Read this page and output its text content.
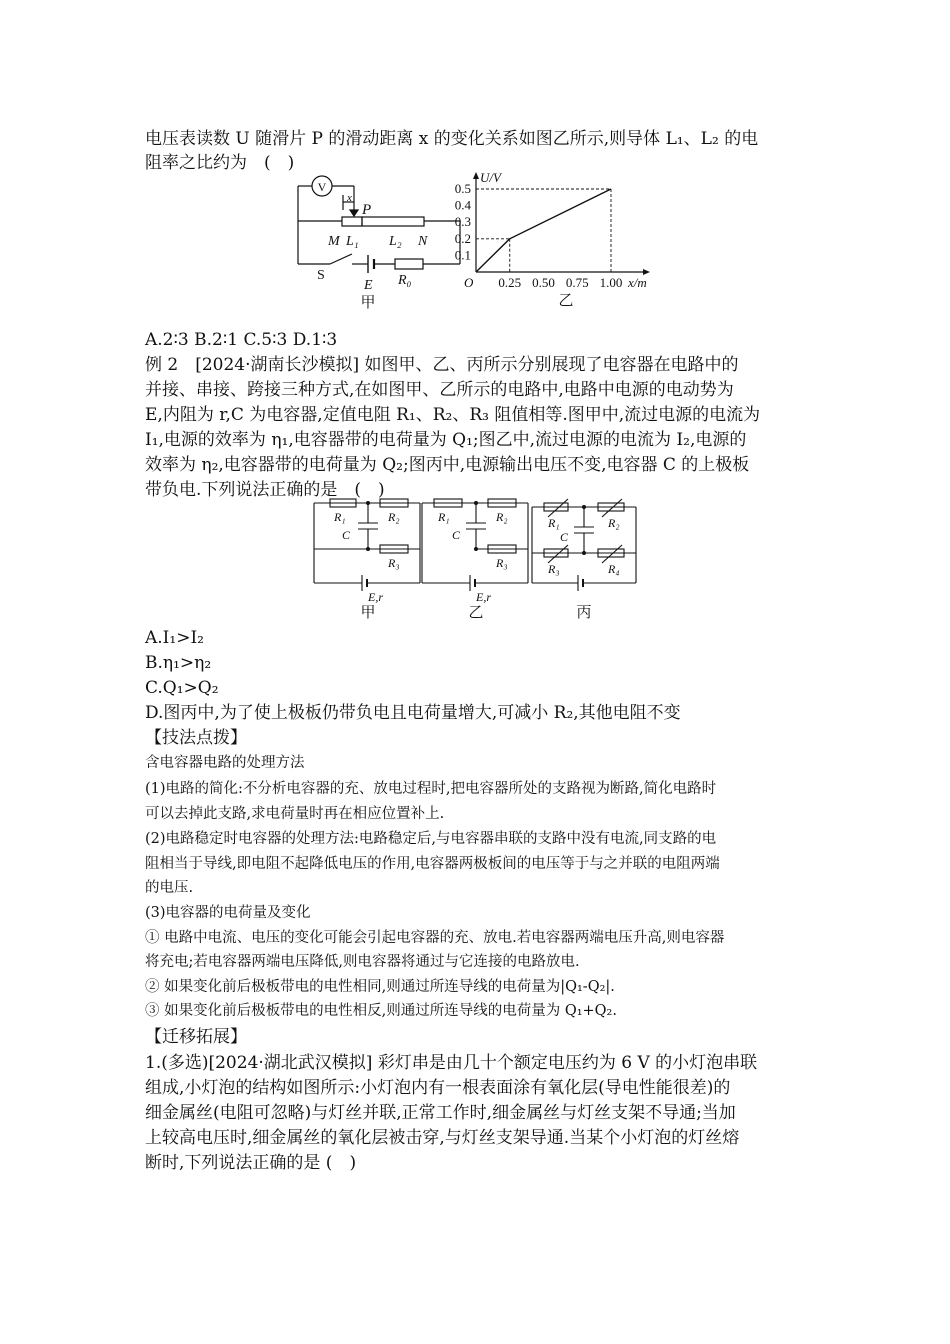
电压表读数 U 随滑片 P 的滑动距离 x 的变化关系如图乙所示,则导体 L₁、L₂ 的电
阻率之比约为　(　)
V
x
P
M L₁ L₂ N
S
E R₀
甲
0.5
0.4
0.3
0.2
0.1
0.25 0.50 0.75 1.00
U/V
x/m
O
乙
A.2∶3 B.2∶1 C.5∶3 D.1∶3
例 2　[2024·湖南长沙模拟] 如图甲、乙、丙所示分别展现了电容器在电路中的
并接、串接、跨接三种方式,在如图甲、乙所示的电路中,电路中电源的电动势为
E,内阻为 r,C 为电容器,定值电阻 R₁、R₂、R₃ 阻值相等.图甲中,流过电源的电流为
I₁,电源的效率为 η₁,电容器带的电荷量为 Q₁;图乙中,流过电源的电流为 I₂,电源的
效率为 η₂,电容器带的电荷量为 Q₂;图丙中,电源输出电压不变,电容器 C 的上极板
带负电.下列说法正确的是　(　)
R₁	R₂
C
R₃
E,r
R₁	R₂
C
R₃
E,r
R₁	R₂
C
R₃	R₄
甲	乙	丙
A.I₁>I₂
B.η₁>η₂
C.Q₁>Q₂
D.图丙中,为了使上极板仍带负电且电荷量增大,可减小 R₂,其他电阻不变
【技法点拨】
含电容器电路的处理方法
(1)电路的简化:不分析电容器的充、放电过程时,把电容器所处的支路视为断路,简化电路时
可以去掉此支路,求电荷量时再在相应位置补上.
(2)电路稳定时电容器的处理方法:电路稳定后,与电容器串联的支路中没有电流,同支路的电
阻相当于导线,即电阻不起降低电压的作用,电容器两极板间的电压等于与之并联的电阻两端
的电压.
(3)电容器的电荷量及变化
① 电路中电流、电压的变化可能会引起电容器的充、放电.若电容器两端电压升高,则电容器
将充电;若电容器两端电压降低,则电容器将通过与它连接的电路放电.
② 如果变化前后极板带电的电性相同,则通过所连导线的电荷量为|Q₁-Q₂|.
③ 如果变化前后极板带电的电性相反,则通过所连导线的电荷量为 Q₁+Q₂.
【迁移拓展】
1.(多选)[2024·湖北武汉模拟] 彩灯串是由几十个额定电压约为 6 V 的小灯泡串联
组成,小灯泡的结构如图所示:小灯泡内有一根表面涂有氧化层(导电性能很差)的
细金属丝(电阻可忽略)与灯丝并联,正常工作时,细金属丝与灯丝支架不导通;当加
上较高电压时,细金属丝的氧化层被击穿,与灯丝支架导通.当某个小灯泡的灯丝熔
断时,下列说法正确的是 (　)
